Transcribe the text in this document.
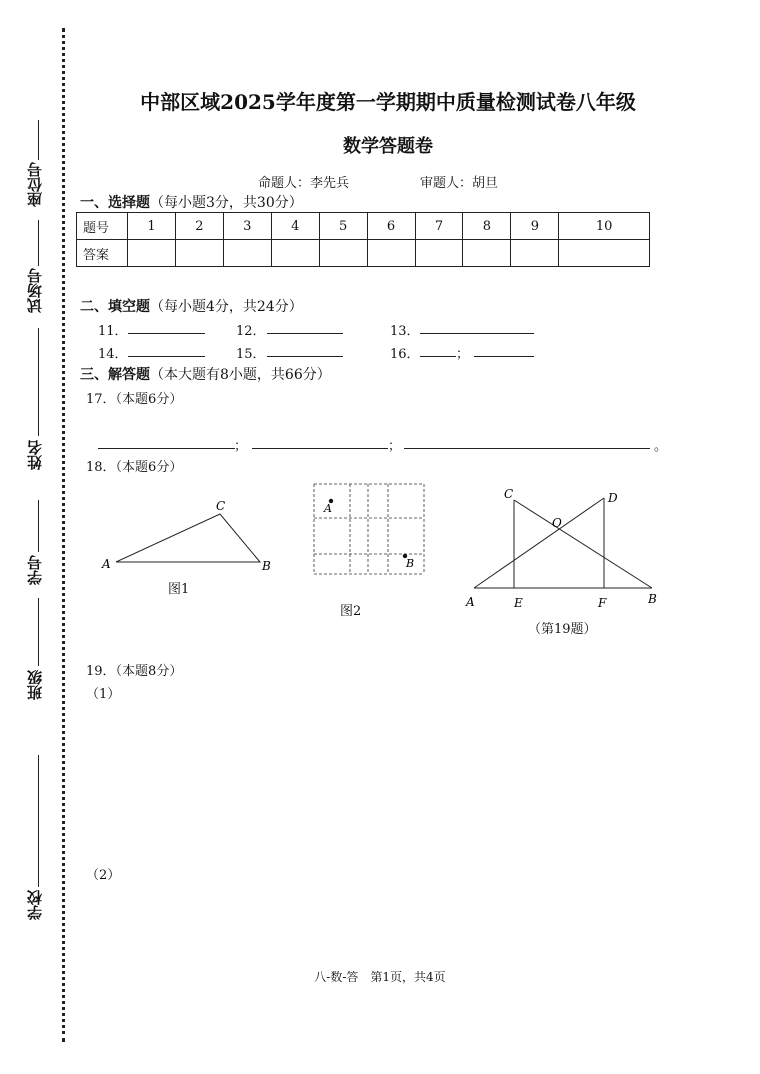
座位号
试场号
姓名
学号
班级
学校
中部区域2025学年度第一学期期中质量检测试卷八年级
数学答题卷
命题人：李先兵	审题人：胡旦
一、选择题（每小题3分，共30分）
题号	1	2	3	4	5	6	7	8	9	10
答案										
二、填空题（每小题4分，共24分）
11．	12．	13．
14．	15．	16．	；
三、解答题（本大题有8小题，共66分）
17．（本题6分）
；	；	。
18．（本题6分）
A
C
B
图1
A
B
图2
C	D
O
A	E	F	B
（第19题）
19．（本题8分）
（1）
（2）
八-数-答　第1页，共4页
